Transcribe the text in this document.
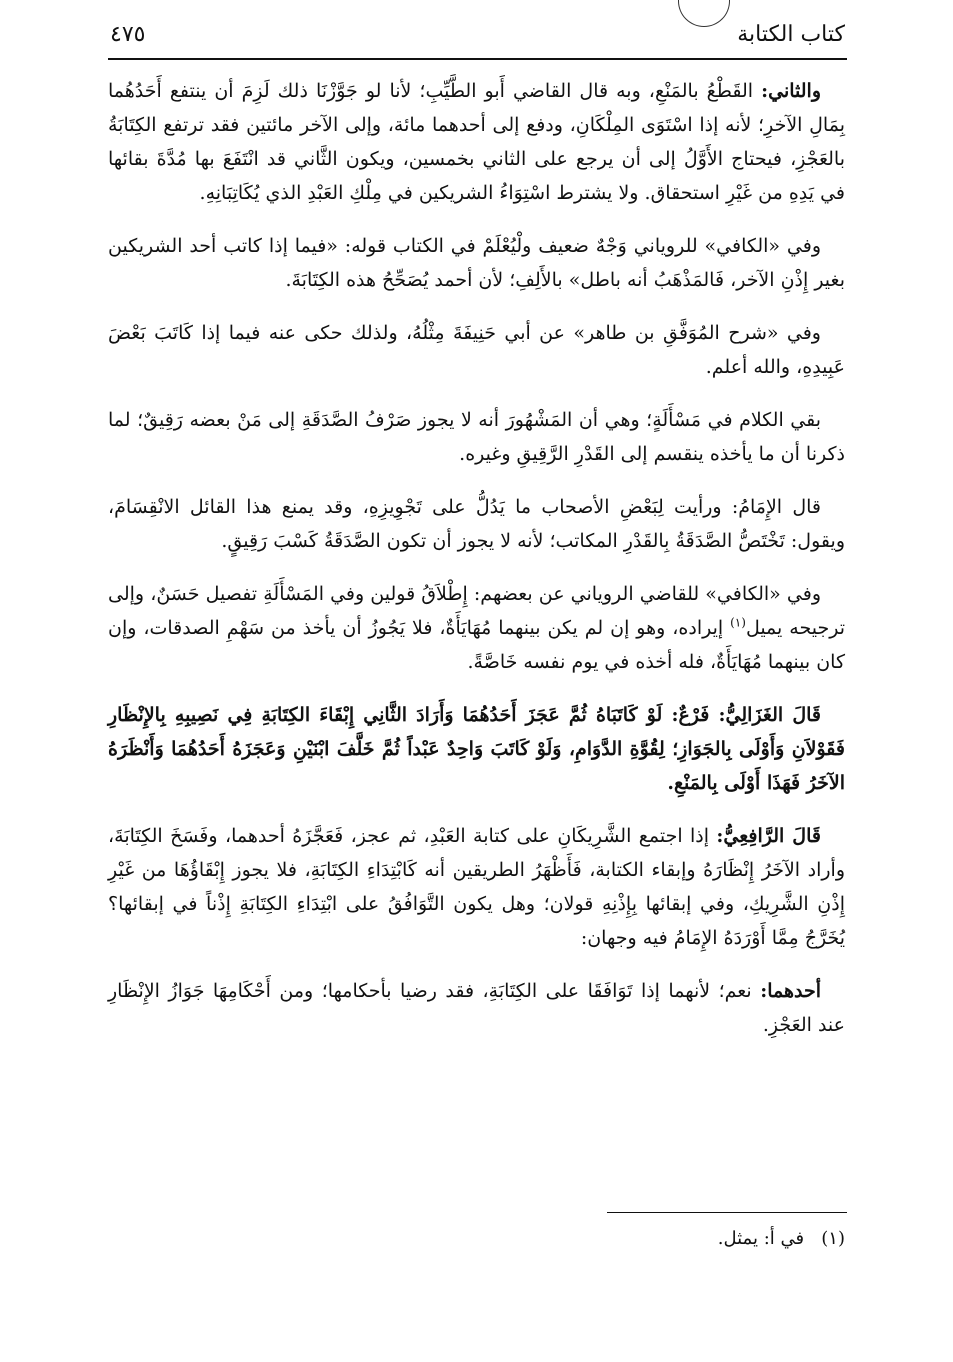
كتاب الكتابة
٤٧٥

والثاني: القَطْعُ بالمَنْعِ، وبه قال القاضي أَبو الطَّيِّبِ؛ لأنا لو جَوَّزْنَا ذلك لَزِمَ أن ينتفع أَحَدُهُما بِمَالِ الآخرِ؛ لأنه إذا اسْتَوَى المِلْكَانِ، ودفع إلى أحدهما مائة، وإلى الآخر مائتين فقد ترتفع الكِتَابَةُ بالعَجْزِ، فيحتاج الأَوَّلُ إلى أن يرجع على الثاني بخمسين، ويكون الثَّاني قد انْتَفَعَ بها مُدَّةَ بقائها في يَدِهِ من غَيْرِ استحقاق. ولا يشترط اسْتِوَاءُ الشريكين في مِلْكِ العَبْدِ الذي يُكَاتِبَانِهِ.

وفي «الكافي» للروياني وَجْهٌ ضعيف ولْيُعْلَمْ في الكتاب قوله: «فيما إذا كاتب أحد الشريكين بغير إِذْنِ الآخر، فَالمَذْهَبُ أنه باطل» بالأَلِفِ؛ لأن أحمد يُصَحِّحُ هذه الكِتَابَةَ.

وفي «شرح المُوَفَّقِ بن طاهر» عن أبي حَنِيفَةَ مِثْلُهُ، ولذلك حكى عنه فيما إذا كَاتَبَ بَعْضَ عَبِيدِهِ، والله أعلم.

بقي الكلام في مَسْأَلَةٍ؛ وهي أن المَشْهُورَ أنه لا يجوز صَرْفُ الصَّدَقَةِ إلى مَنْ بعضه رَقِيقٌ؛ لما ذكرنا أن ما يأخذه ينقسم إلى القَدْرِ الرَّقِيقِ وغيره.

قال الإِمَامُ: ورأيت لِبَعْضِ الأصحاب ما يَدُلُّ على تَجْوِيزِهِ، وقد يمنع هذا القائل الانْقِسَامَ، ويقول: تَخْتَصُّ الصَّدَقَةُ بِالقَدْرِ المكاتب؛ لأنه لا يجوز أن تكون الصَّدَقَةُ كَسْبَ رَقِيقٍ.

وفي «الكافي» للقاضي الروياني عن بعضهم: إِطْلاَقُ قولين وفي المَسْأَلَةِ تفصيل حَسَنٌ، وإلى ترجيحه يميل$^{(١)}$ إيراده، وهو إن لم يكن بينهما مُهَايَأَةٌ، فلا يَجُوزُ أن يأخذ من سَهْمِ الصدقات، وإن كان بينهما مُهَايَأَةٌ، فله أخذه في يوم نفسه خَاصَّةً.

قَالَ الغَزَالِيُّ: فَرْعٌ: لَوْ كَاتَبَاهُ ثُمَّ عَجَزَ أَحَدُهُمَا وَأَرَادَ الثَّانِي إِبْقَاءَ الكِتَابَةِ فِي نَصِيبِهِ بِالإِنْظَارِ فَقَوْلاَنِ وَأَوْلَى بِالجَوَازِ؛ لِقُوَّةِ الدَّوَامِ، وَلَوْ كَاتَبَ وَاحِدٌ عَبْداً ثُمَّ خَلَّفَ ابْنَيْنِ وَعَجَزَهُ أَحَدُهُمَا وَأَنْظَرَهُ الآخَرُ فَهَذَا أَوْلَى بِالمَنْعِ.

قَالَ الرَّافِعِيُّ: إذا اجتمع الشَّرِيكَانِ على كتابة العَبْدِ، ثم عجز، فَعَجَّزَهُ أحدهما، وفَسَخَ الكِتَابَةَ، وأراد الآخَرُ إِنْظَارَهُ وإبقاء الكتابة، فَأَظْهَرُ الطريقين أنه كَابْتِدَاءِ الكِتَابَةِ، فلا يجوز إِبْقَاؤُهَا من غَيْرِ إِذْنِ الشَّرِيكِ، وفي إبقائها بِإِذْنِهِ قولان؛ وهل يكون التَّوَافُقُ على ابْتِدَاءِ الكِتَابَةِ إِذْناً في إبقائها؟ يُخَرَّجُ مِمَّا أَوْرَدَهُ الإِمَامُ فيه وجهان:

أحدهما: نعم؛ لأنهما إذا تَوَافَقَا على الكِتَابَةِ، فقد رضيا بأحكامها؛ ومن أَحْكَامِهَا جَوَازُ الإِنْظَارِ عند العَجْزِ.

(١)   في أ: يمثل.
